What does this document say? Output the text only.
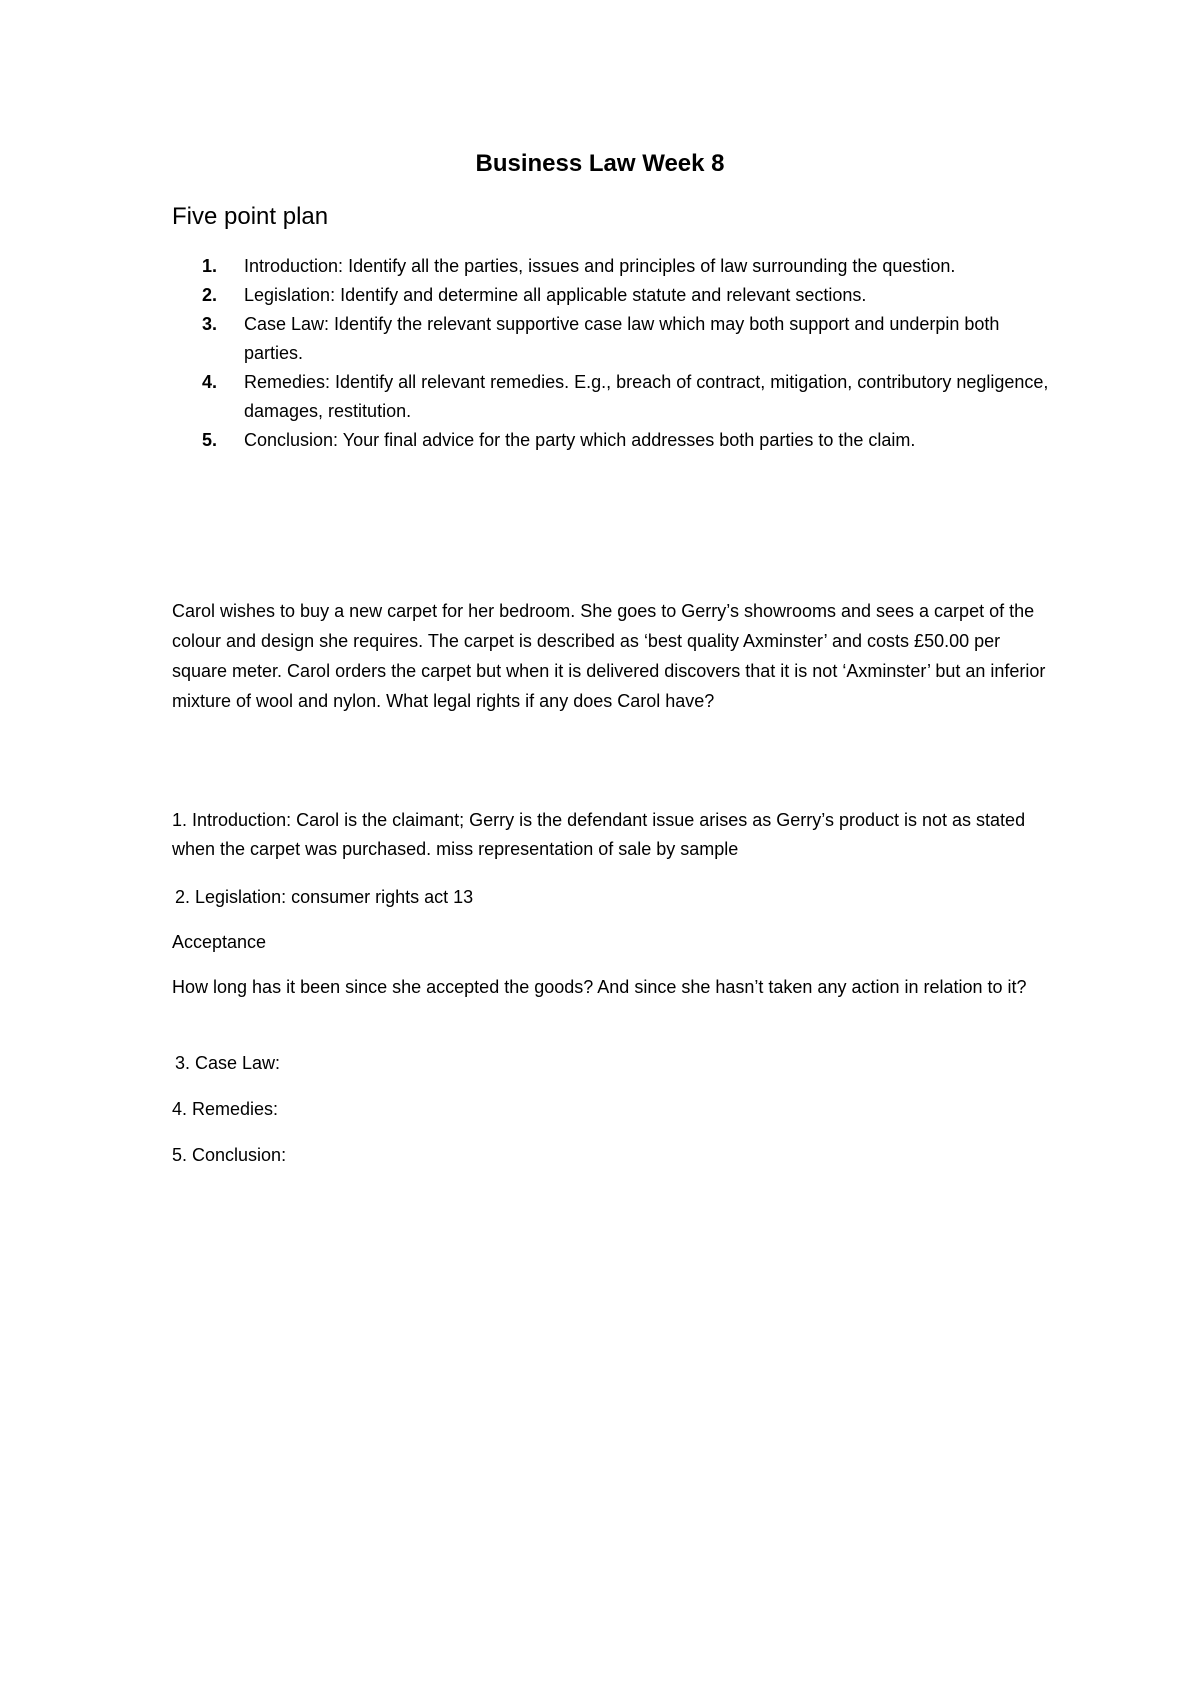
Business Law Week 8
Five point plan
1. Introduction: Identify all the parties, issues and principles of law surrounding the question.
2. Legislation: Identify and determine all applicable statute and relevant sections.
3. Case Law: Identify the relevant supportive case law which may both support and underpin both parties.
4. Remedies: Identify all relevant remedies. E.g., breach of contract, mitigation, contributory negligence, damages, restitution.
5. Conclusion: Your final advice for the party which addresses both parties to the claim.

Carol wishes to buy a new carpet for her bedroom. She goes to Gerry’s showrooms and sees a carpet of the colour and design she requires. The carpet is described as ‘best quality Axminster’ and costs £50.00 per square meter. Carol orders the carpet but when it is delivered discovers that it is not ‘Axminster’ but an inferior mixture of wool and nylon. What legal rights if any does Carol have?

1. Introduction: Carol is the claimant; Gerry is the defendant issue arises as Gerry’s product is not as stated when the carpet was purchased. miss representation of sale by sample

2. Legislation: consumer rights act 13

Acceptance

How long has it been since she accepted the goods? And since she hasn’t taken any action in relation to it?

3. Case Law:

4. Remedies:

5. Conclusion:
